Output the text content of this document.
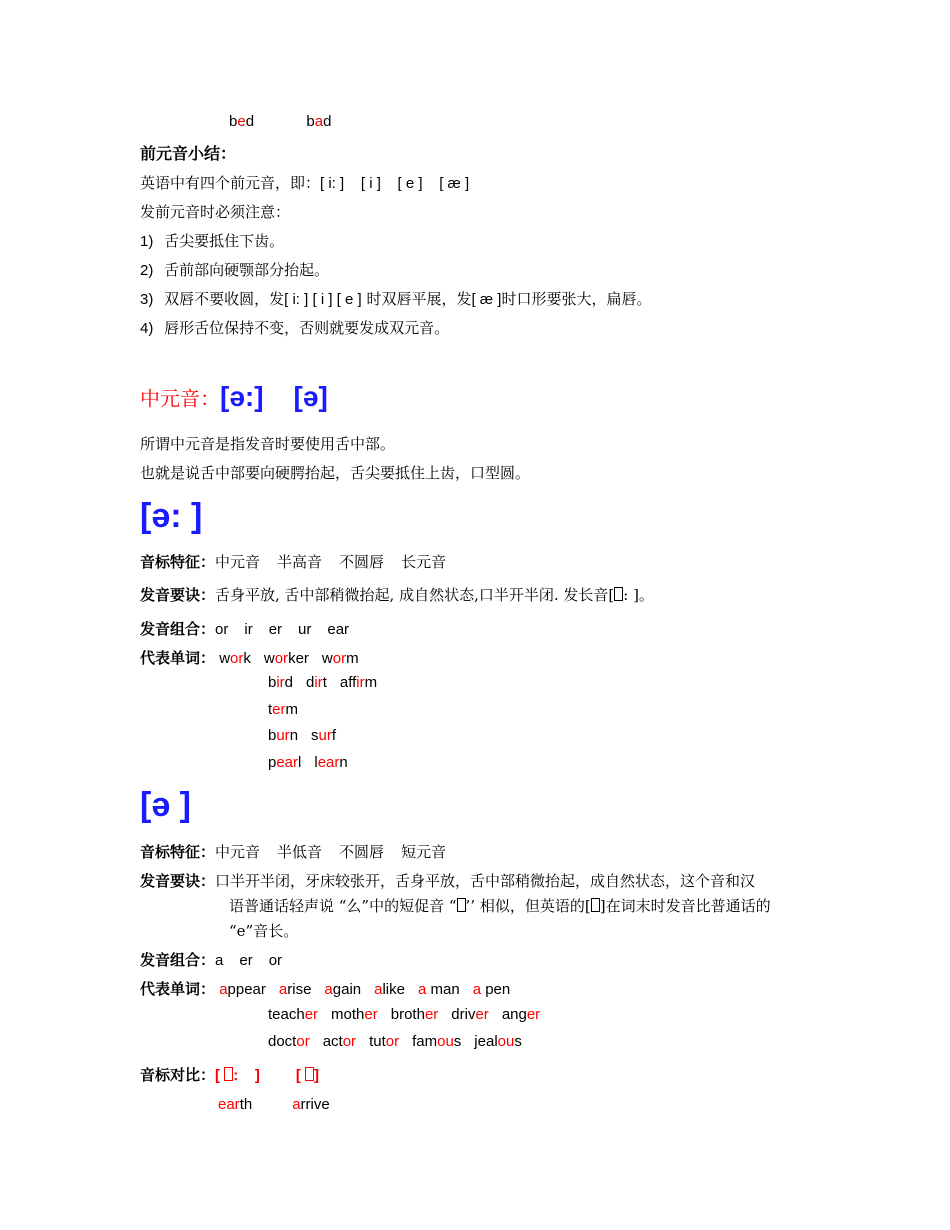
bed	bad
前元音小结：
英语中有四个前元音，即：[ i: ]    [ i ]    [ e ]    [ æ ]
发前元音时必须注意：
1) 舌尖要抵住下齿。
2) 舌前部向硬颚部分抬起。
3) 双唇不要收圆，发[ i: ] [ i ] [ e ] 时双唇平展，发[ æ ]时口形要张大，扁唇。
4) 唇形舌位保持不变，否则就要发成双元音。
中元音：[ə:] [ə]
所谓中元音是指发音时要使用舌中部。
也就是说舌中部要向硬腭抬起，舌尖要抵住上齿，口型圆。
[ə: ]
音标特征：中元音 半高音 不圆唇 长元音
发音要诀：舌身平放, 舌中部稍微抬起, 成自然状态,口半开半闭. 发长音[ : ]。
发音组合：or ir er ur ear
代表单词： work worker worm
bird dirt affirm
term
burn surf
pearl learn
[ə ]
音标特征：中元音 半低音 不圆唇 短元音
发音要诀：口半开半闭，牙床较张开，舌身平放，舌中部稍微抬起，成自然状态，这个音和汉
语普通话轻声说 “么”中的短促音 “ ’’ 相似，但英语的[ ]在词末时发音比普通话的
“e”音长。
发音组合：a er or
代表单词： appear arise again alike a man a pen
teacher mother brother driver anger
doctor actor tutor famous jealous
音标对比：[ :    ] [ ]
earth	arrive
